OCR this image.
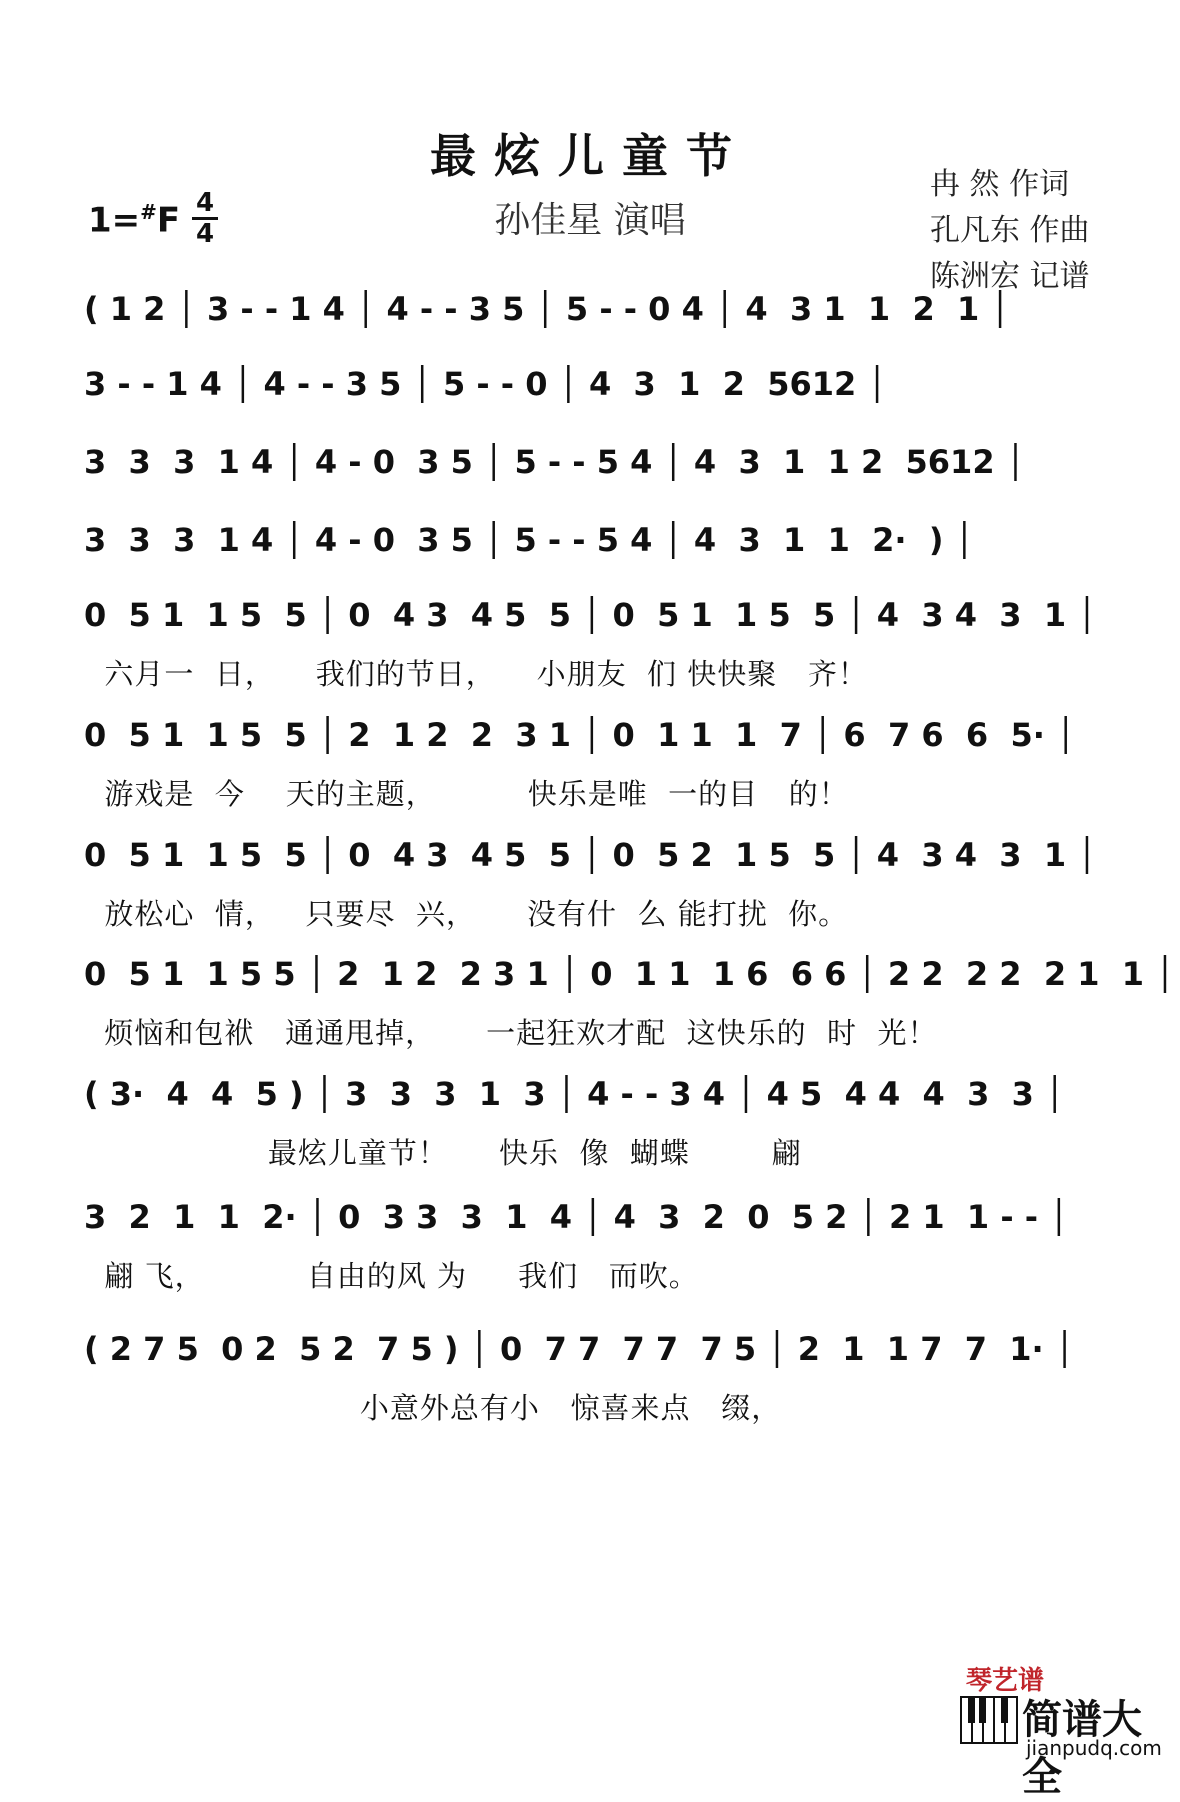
最炫儿童节
孙佳星 演唱
1=#F 4
4
冉 然 作词
孔凡东 作曲
陈洲宏 记谱
( 1 2 │ 3 - - 1 4 │ 4 - - 3 5 │ 5 - - 0 4 │ 4  3 1  1  2  1 │
3 - - 1 4 │ 4 - - 3 5 │ 5 - - 0 │ 4  3  1  2  5612 │
3  3  3  1 4 │ 4 - 0  3 5 │ 5 - - 5 4 │ 4  3  1  1 2  5612 │
3  3  3  1 4 │ 4 - 0  3 5 │ 5 - - 5 4 │ 4  3  1  1  2·  ) │
0  5 1  1 5  5 │ 0  4 3  4 5  5 │ 0  5 1  1 5  5 │ 4  3 4  3  1 │
六月一  日，    我们的节日，    小朋友  们 快快聚   齐！
0  5 1  1 5  5 │ 2  1 2  2  3 1 │ 0  1 1  1  7 │ 6  7 6  6  5· │
游戏是  今    天的主题，         快乐是唯  一的目   的！
0  5 1  1 5  5 │ 0  4 3  4 5  5 │ 0  5 2  1 5  5 │ 4  3 4  3  1 │
放松心  情，   只要尽  兴，     没有什  么 能打扰  你。
0  5 1  1 5 5 │ 2  1 2  2 3 1 │ 0  1 1  1 6  6 6 │ 2 2  2 2  2 1  1 │
烦恼和包袱   通通甩掉，     一起狂欢才配  这快乐的  时  光！
( 3·  4  4  5 ) │ 3  3  3  1  3 │ 4 - - 3 4 │ 4 5  4 4  4  3  3 │
最炫儿童节！     快乐  像  蝴蝶        翩
3  2  1  1  2· │ 0  3 3  3  1  4 │ 4  3  2  0  5 2 │ 2 1  1 - - │
翩 飞，          自由的风 为     我们   而吹。
( 2 7 5  0 2  5 2  7 5 ) │ 0  7 7  7 7  7 5 │ 2  1  1 7  7  1· │
小意外总有小   惊喜来点   缀，
琴艺谱
简谱大全
jianpudq.com
